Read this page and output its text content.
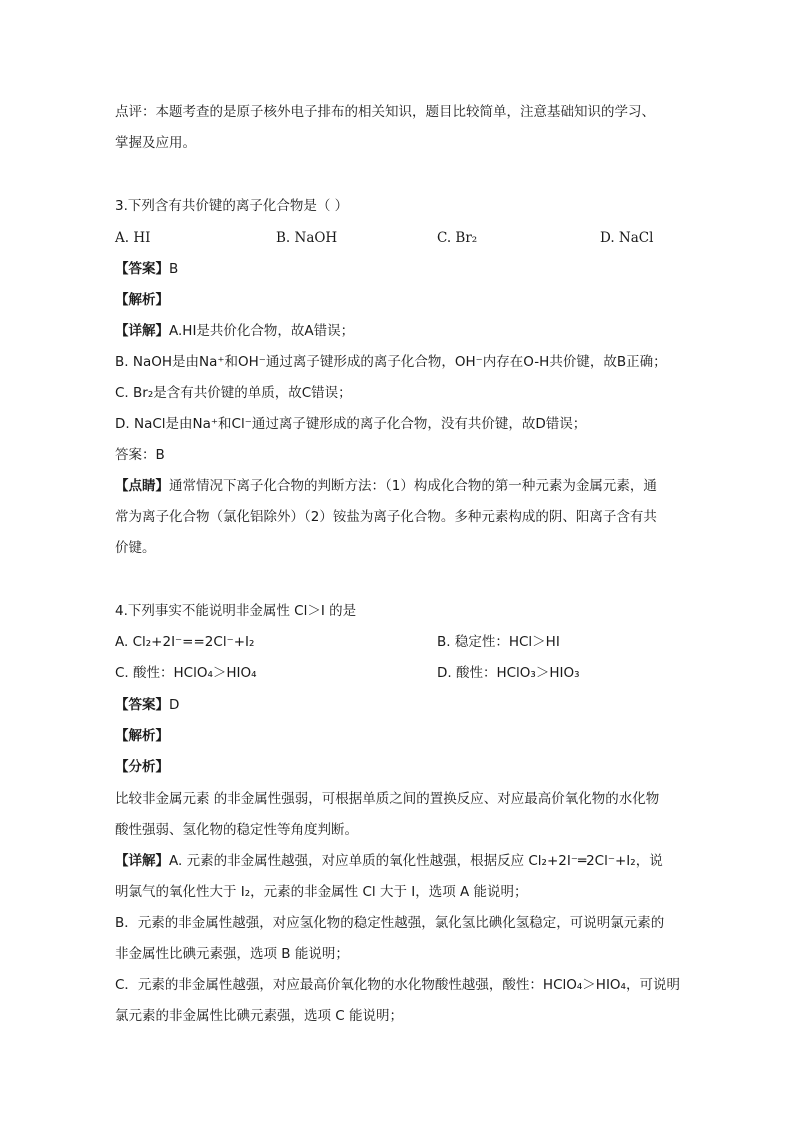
点评：本题考查的是原子核外电子排布的相关知识，题目比较简单，注意基础知识的学习、
掌握及应用。
3.下列含有共价键的离子化合物是（ ）
A. HI	B. NaOH	C. Br₂	D. NaCl
【答案】B
【解析】
【详解】A.HI是共价化合物，故A错误；
B. NaOH是由Na⁺和OH⁻通过离子键形成的离子化合物，OH⁻内存在O-H共价键，故B正确；
C. Br₂是含有共价键的单质，故C错误；
D. NaCl是由Na⁺和Cl⁻通过离子键形成的离子化合物，没有共价键，故D错误；
答案：B
【点睛】通常情况下离子化合物的判断方法：（1）构成化合物的第一种元素为金属元素，通
常为离子化合物（氯化铝除外）（2）铵盐为离子化合物。多种元素构成的阴、阳离子含有共
价键。
4.下列事实不能说明非金属性 Cl＞I 的是
A. Cl₂+2I⁻==2Cl⁻+I₂	B. 稳定性：HCl＞HI
C. 酸性：HClO₄＞HIO₄	D. 酸性：HClO₃＞HIO₃
【答案】D
【解析】
【分析】
比较非金属元素 的非金属性强弱，可根据单质之间的置换反应、对应最高价氧化物的水化物
酸性强弱、氢化物的稳定性等角度判断。
【详解】A. 元素的非金属性越强，对应单质的氧化性越强，根据反应 Cl₂+2I⁻═2Cl⁻+I₂，说
明氯气的氧化性大于 I₂，元素的非金属性 Cl 大于 I，选项 A 能说明；
B．元素的非金属性越强，对应氢化物的稳定性越强，氯化氢比碘化氢稳定，可说明氯元素的
非金属性比碘元素强，选项 B 能说明；
C．元素的非金属性越强，对应最高价氧化物的水化物酸性越强，酸性：HClO₄＞HIO₄，可说明
氯元素的非金属性比碘元素强，选项 C 能说明；
